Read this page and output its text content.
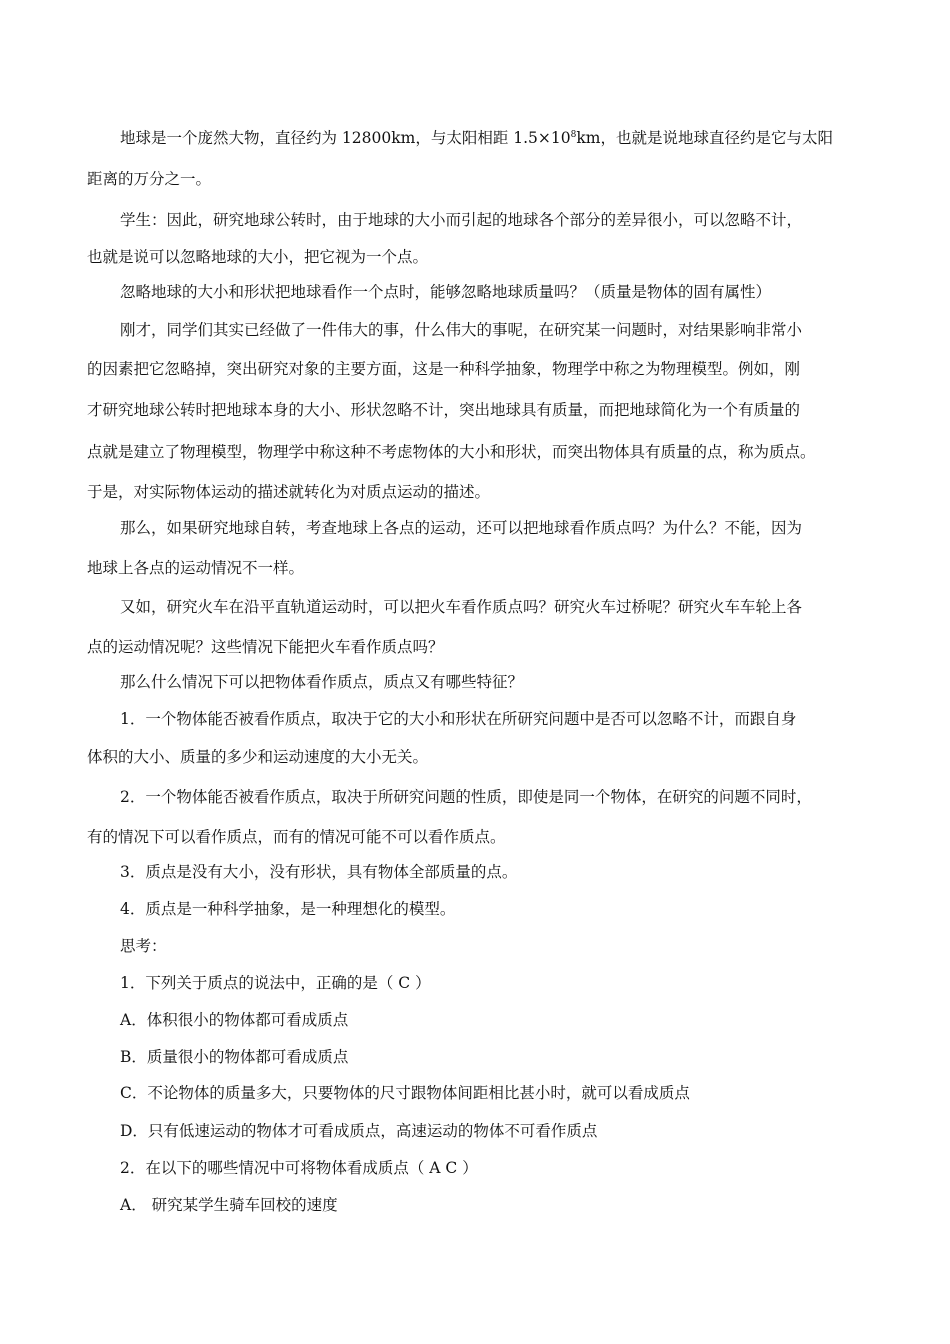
地球是一个庞然大物，直径约为 12800km，与太阳相距 $1.5\times 10^8km$，也就是说地球直径约是它与太阳
距离的万分之一。
学生：因此，研究地球公转时，由于地球的大小而引起的地球各个部分的差异很小，可以忽略不计，
也就是说可以忽略地球的大小，把它视为一个点。
忽略地球的大小和形状把地球看作一个点时，能够忽略地球质量吗？（质量是物体的固有属性）
刚才，同学们其实已经做了一件伟大的事，什么伟大的事呢，在研究某一问题时，对结果影响非常小
的因素把它忽略掉，突出研究对象的主要方面，这是一种科学抽象，物理学中称之为物理模型。例如，刚
才研究地球公转时把地球本身的大小、形状忽略不计，突出地球具有质量，而把地球简化为一个有质量的
点就是建立了物理模型，物理学中称这种不考虑物体的大小和形状，而突出物体具有质量的点，称为质点。
于是，对实际物体运动的描述就转化为对质点运动的描述。
那么，如果研究地球自转，考查地球上各点的运动，还可以把地球看作质点吗？为什么？不能，因为
地球上各点的运动情况不一样。
又如，研究火车在沿平直轨道运动时，可以把火车看作质点吗？研究火车过桥呢？研究火车车轮上各
点的运动情况呢？这些情况下能把火车看作质点吗？
那么什么情况下可以把物体看作质点，质点又有哪些特征？
1．一个物体能否被看作质点，取决于它的大小和形状在所研究问题中是否可以忽略不计，而跟自身
体积的大小、质量的多少和运动速度的大小无关。
2．一个物体能否被看作质点，取决于所研究问题的性质，即使是同一个物体，在研究的问题不同时，
有的情况下可以看作质点，而有的情况可能不可以看作质点。
3．质点是没有大小，没有形状，具有物体全部质量的点。
4．质点是一种科学抽象，是一种理想化的模型。
思考：
1．下列关于质点的说法中，正确的是（ C ）
A．体积很小的物体都可看成质点
B．质量很小的物体都可看成质点
C．不论物体的质量多大，只要物体的尺寸跟物体间距相比甚小时，就可以看成质点
D．只有低速运动的物体才可看成质点，高速运动的物体不可看作质点
2．在以下的哪些情况中可将物体看成质点（ A C ）
A． 研究某学生骑车回校的速度
